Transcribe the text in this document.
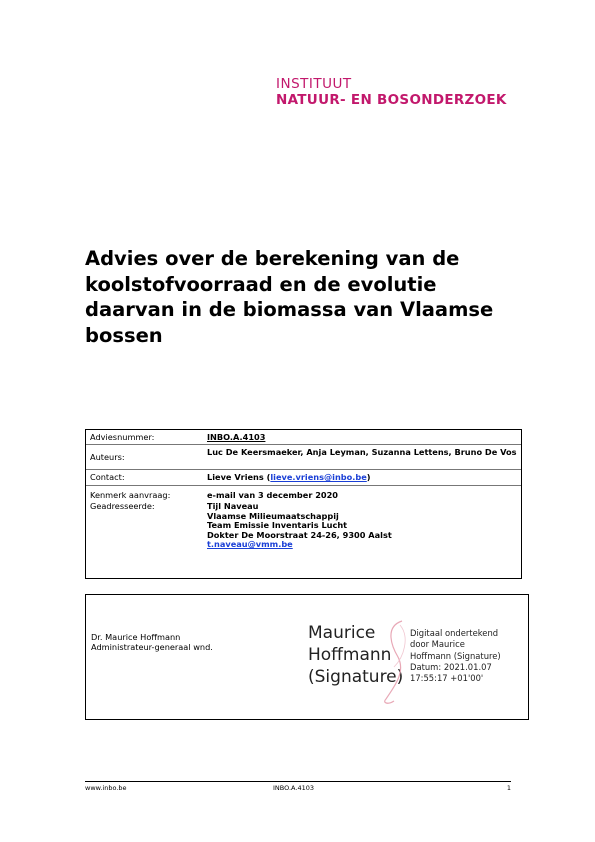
INSTITUUT
NATUUR- EN BOSONDERZOEK
Advies over de berekening van de koolstofvoorraad en de evolutie daarvan in de biomassa van Vlaamse bossen
Adviesnummer:	INBO.A.4103
Auteurs:	Luc De Keersmaeker, Anja Leyman, Suzanna Lettens, Bruno De Vos
Contact:	Lieve Vriens (lieve.vriens@inbo.be)
Kenmerk aanvraag:	e-mail van 3 december 2020
Geadresseerde:	Tijl Naveau
Vlaamse Milieumaatschappij
Team Emissie Inventaris Lucht
Dokter De Moorstraat 24-26, 9300 Aalst
t.naveau@vmm.be
Dr. Maurice Hoffmann
Administrateur-generaal wnd.
Maurice
Hoffmann
(Signature)
Digitaal ondertekend
door Maurice
Hoffmann (Signature)
Datum: 2021.01.07
17:55:17 +01'00'
www.inbo.be	INBO.A.4103	1
